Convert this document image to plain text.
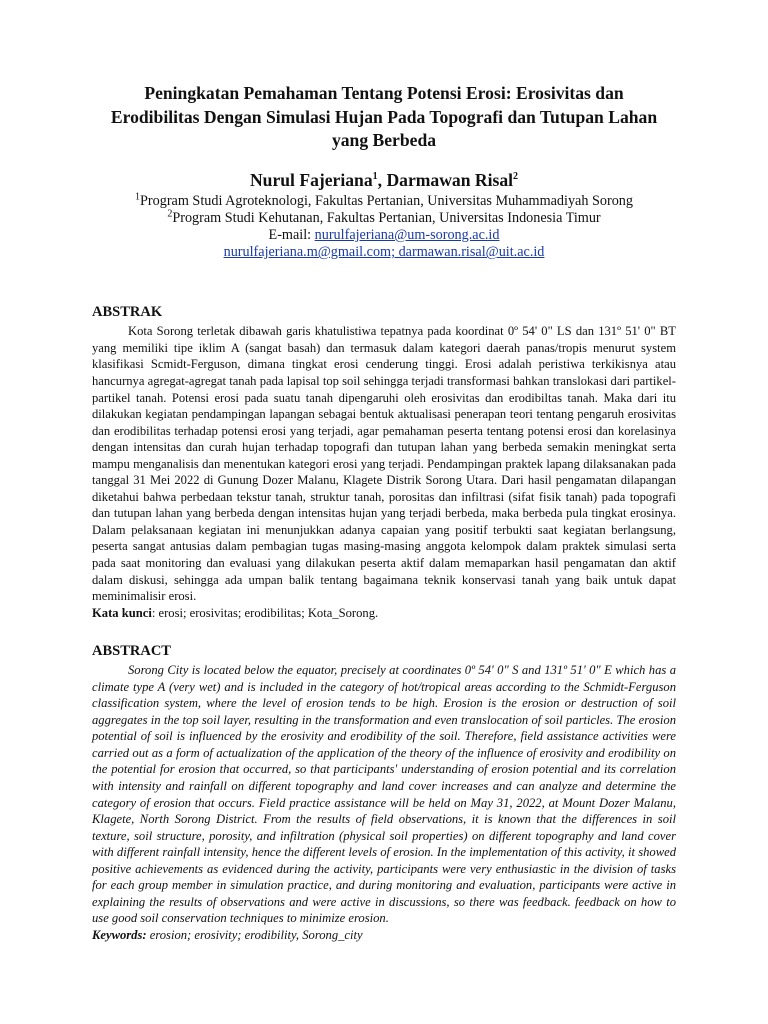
Peningkatan Pemahaman Tentang Potensi Erosi: Erosivitas dan Erodibilitas Dengan Simulasi Hujan Pada Topografi dan Tutupan Lahan yang Berbeda
Nurul Fajeriana$^1$, Darmawan Risal$^2$
$^1$Program Studi Agroteknologi, Fakultas Pertanian, Universitas Muhammadiyah Sorong
$^2$Program Studi Kehutanan, Fakultas Pertanian, Universitas Indonesia Timur
E-mail: nurulfajeriana@um-sorong.ac.id
nurulfajeriana.m@gmail.com; darmawan.risal@uit.ac.id
ABSTRAK

Kota Sorong terletak dibawah garis khatulistiwa tepatnya pada koordinat 0º 54' 0" LS dan 131º 51' 0" BT yang memiliki tipe iklim A (sangat basah) dan termasuk dalam kategori daerah panas/tropis menurut system klasifikasi Scmidt-Ferguson, dimana tingkat erosi cenderung tinggi. Erosi adalah peristiwa terkikisnya atau hancurnya agregat-agregat tanah pada lapisal top soil sehingga terjadi transformasi bahkan translokasi dari partikel-partikel tanah. Potensi erosi pada suatu tanah dipengaruhi oleh erosivitas dan erodibiltas tanah. Maka dari itu dilakukan kegiatan pendampingan lapangan sebagai bentuk aktualisasi penerapan teori tentang pengaruh erosivitas dan erodibilitas terhadap potensi erosi yang terjadi, agar pemahaman peserta tentang potensi erosi dan korelasinya dengan intensitas dan curah hujan terhadap topografi dan tutupan lahan yang berbeda semakin meningkat serta mampu menganalisis dan menentukan kategori erosi yang terjadi. Pendampingan praktek lapang dilaksanakan pada tanggal 31 Mei 2022 di Gunung Dozer Malanu, Klagete Distrik Sorong Utara. Dari hasil pengamatan dilapangan diketahui bahwa perbedaan tekstur tanah, struktur tanah, porositas dan infiltrasi (sifat fisik tanah) pada topografi dan tutupan lahan yang berbeda dengan intensitas hujan yang terjadi berbeda, maka berbeda pula tingkat erosinya. Dalam pelaksanaan kegiatan ini menunjukkan adanya capaian yang positif terbukti saat kegiatan berlangsung, peserta sangat antusias dalam pembagian tugas masing-masing anggota kelompok dalam praktek simulasi serta pada saat monitoring dan evaluasi yang dilakukan peserta aktif dalam memaparkan hasil pengamatan dan aktif dalam diskusi, sehingga ada umpan balik tentang bagaimana teknik konservasi tanah yang baik untuk dapat meminimalisir erosi.

Kata kunci: erosi; erosivitas; erodibilitas; Kota_Sorong.

ABSTRACT

Sorong City is located below the equator, precisely at coordinates 0º 54' 0" S and 131º 51' 0" E which has a climate type A (very wet) and is included in the category of hot/tropical areas according to the Schmidt-Ferguson classification system, where the level of erosion tends to be high. Erosion is the erosion or destruction of soil aggregates in the top soil layer, resulting in the transformation and even translocation of soil particles. The erosion potential of soil is influenced by the erosivity and erodibility of the soil. Therefore, field assistance activities were carried out as a form of actualization of the application of the theory of the influence of erosivity and erodibility on the potential for erosion that occurred, so that participants' understanding of erosion potential and its correlation with intensity and rainfall on different topography and land cover increases and can analyze and determine the category of erosion that occurs. Field practice assistance will be held on May 31, 2022, at Mount Dozer Malanu, Klagete, North Sorong District. From the results of field observations, it is known that the differences in soil texture, soil structure, porosity, and infiltration (physical soil properties) on different topography and land cover with different rainfall intensity, hence the different levels of erosion. In the implementation of this activity, it showed positive achievements as evidenced during the activity, participants were very enthusiastic in the division of tasks for each group member in simulation practice, and during monitoring and evaluation, participants were active in explaining the results of observations and were active in discussions, so there was feedback. feedback on how to use good soil conservation techniques to minimize erosion.

Keywords: erosion; erosivity; erodibility, Sorong_city
